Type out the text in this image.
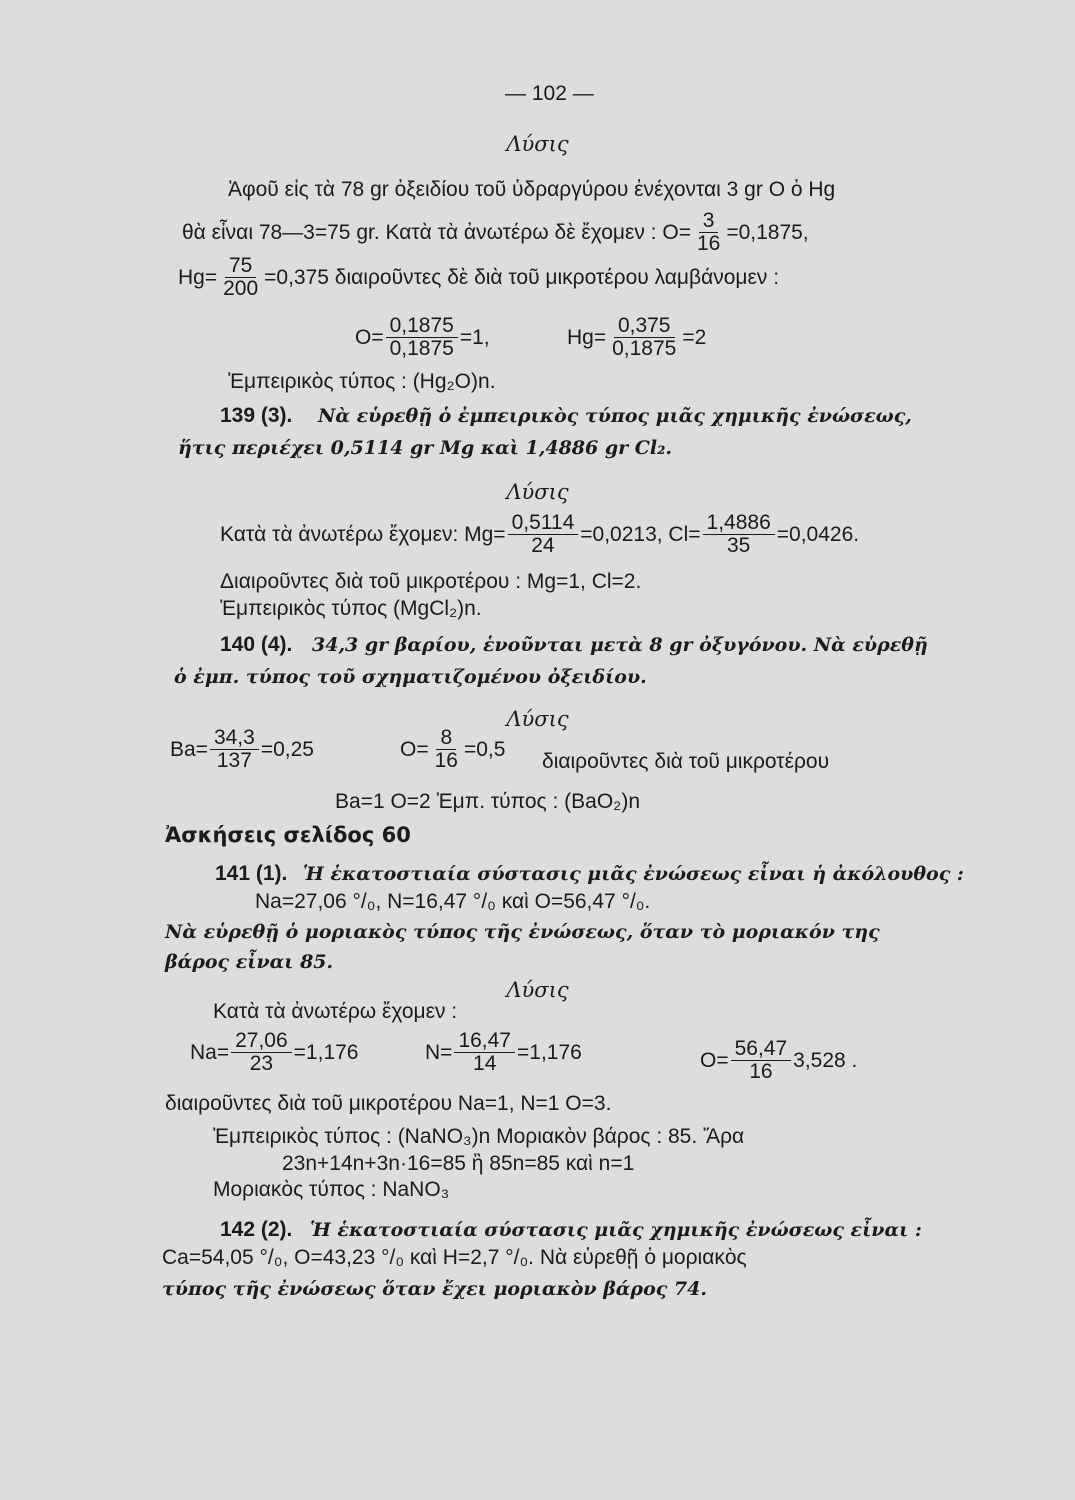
— 102 —
Λύσις
Ἀφοῦ εἰς τὰ 78 gr ὀξειδίου τοῦ ὑδραργύρου ἐνέχονται 3 gr O ὁ Hg
θὰ εἶναι 78—3=75 gr. Κατὰ τὰ ἀνωτέρω δὲ ἔχομεν : $O= \frac{3}{16} =0,1875$,
$Hg= \frac{75}{200} =0,375$ διαιροῦντες δὲ διὰ τοῦ μικροτέρου λαμβάνομεν :
$O= \frac{0,1875}{0,1875} =1$,	$Hg= \frac{0,375}{0,1875} =2$
Ἐμπειρικὸς τύπος : (Hg₂O)n.
139 (3). Νὰ εὑρεθῇ ὁ ἐμπειρικὸς τύπος μιᾶς χημικῆς ἐνώσεως,
ἥτις περιέχει 0,5114 gr Mg καὶ 1,4886 gr Cl₂.
Λύσις
Κατὰ τὰ ἀνωτέρω ἔχομεν: $Mg= \frac{0,5114}{24} =0,0213$, $Cl= \frac{1,4886}{35} =0,0426$.
Διαιροῦντες διὰ τοῦ μικροτέρου : Mg=1, Cl=2.
Ἐμπειρικὸς τύπος (MgCl₂)n.
140 (4). 34,3 gr βαρίου, ἑνοῦνται μετὰ 8 gr ὀξυγόνου. Νὰ εὑρεθῇ
ὁ ἐμπ. τύπος τοῦ σχηματιζομένου ὀξειδίου.
Λύσις
$Ba= \frac{34,3}{137} =0,25$	$O= \frac{8}{16} =0,5$
διαιροῦντες διὰ τοῦ μικροτέρου
Ba=1 O=2 Ἐμπ. τύπος : (BaO₂)n
Ἀσκήσεις σελίδος 60
141 (1). Ἡ ἑκατοστιαία σύστασις μιᾶς ἐνώσεως εἶναι ἡ ἀκόλουθος :
Na=27,06 °/₀, N=16,47 °/₀ καὶ O=56,47 °/₀.
Νὰ εὑρεθῇ ὁ μοριακὸς τύπος τῆς ἐνώσεως, ὅταν τὸ μοριακόν της
βάρος εἶναι 85.
Λύσις
Κατὰ τὰ ἀνωτέρω ἔχομεν :
$Na= \frac{27,06}{23} =1,176$	$N= \frac{16,47}{14} =1,176$	$O= \frac{56,47}{16} 3,528$ .
διαιροῦντες διὰ τοῦ μικροτέρου Na=1, N=1 O=3.
Ἐμπειρικὸς τύπος : (NaNO₃)n Μοριακὸν βάρος : 85. Ἄρα
23n+14n+3n·16=85 ἢ 85n=85 καὶ n=1
Μοριακὸς τύπος : NaNO₃
142 (2). Ἡ ἑκατοστιαία σύστασις μιᾶς χημικῆς ἐνώσεως εἶναι :
Ca=54,05 °/₀, O=43,23 °/₀ καὶ H=2,7 °/₀. Νὰ εὑρεθῇ ὁ μοριακὸς
τύπος τῆς ἐνώσεως ὅταν ἔχει μοριακὸν βάρος 74.
